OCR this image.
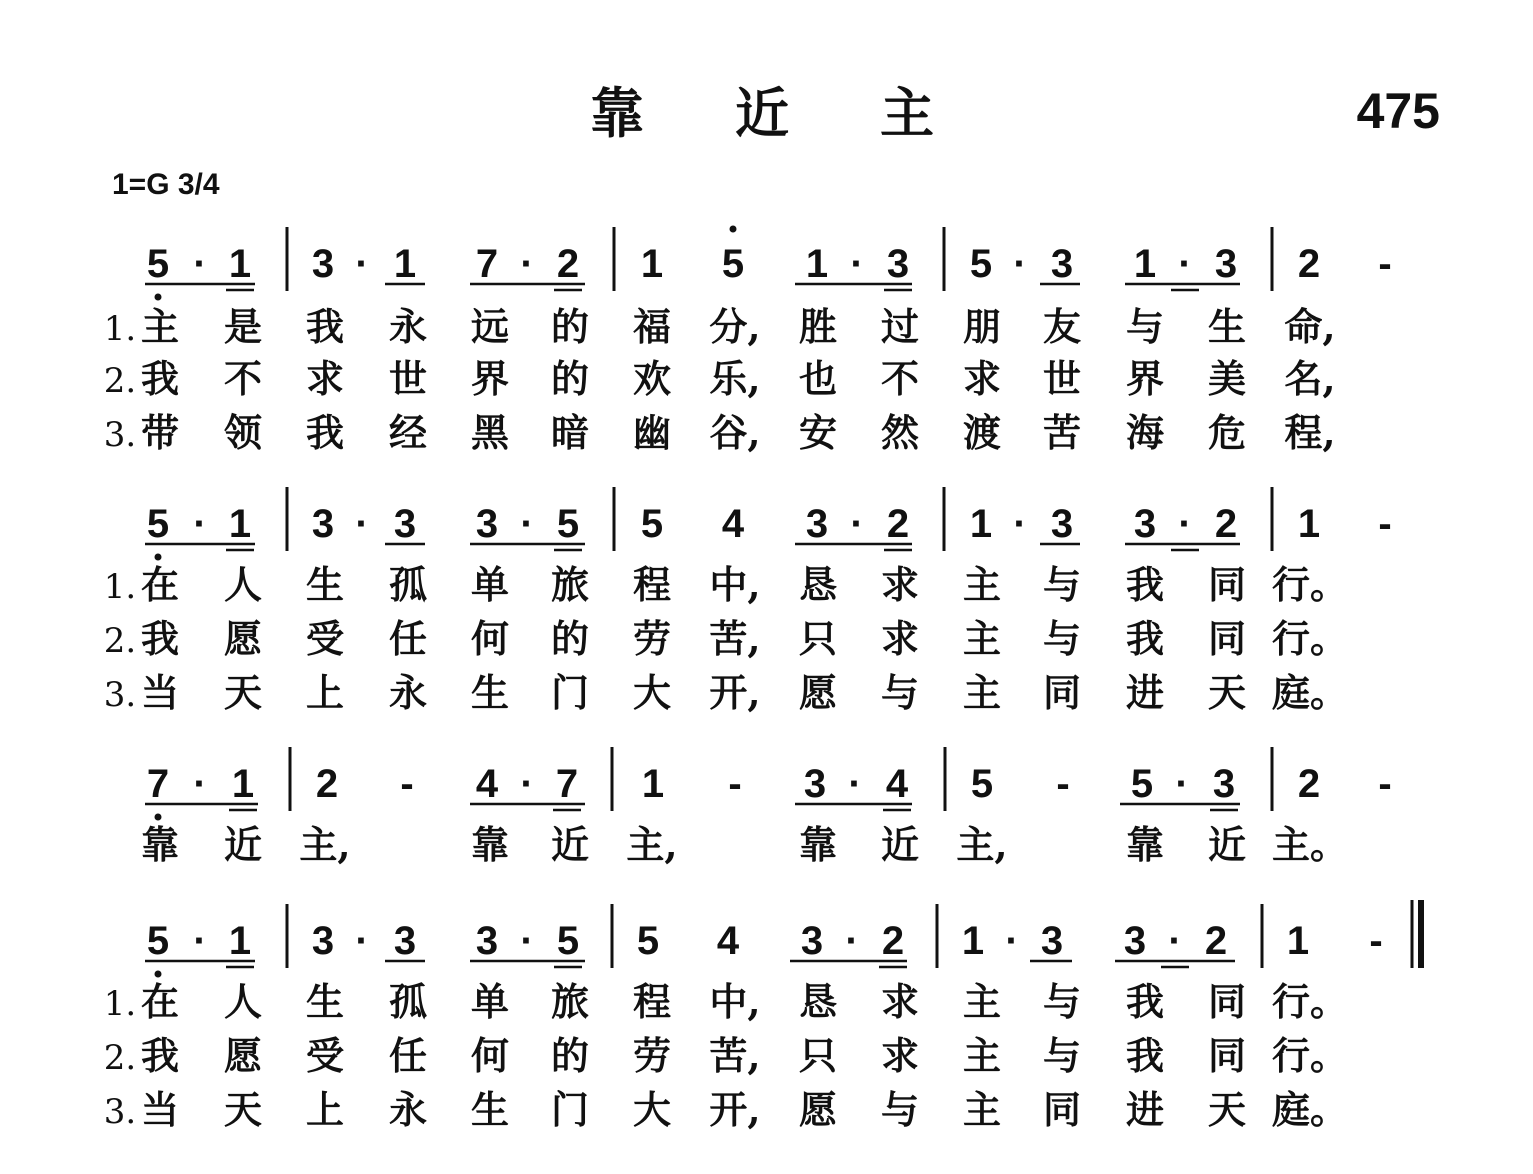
靠 近 主	475
1=G 3/4
5 · 1 3 · 1 7 · 2 1 5 1 · 3 5 · 3 1 · 3 2 -
1. 主 是 我 永 远 的 福 分, 胜 过 朋 友 与 生 命,
2. 我 不 求 世 界 的 欢 乐, 也 不 求 世 界 美 名,
3. 带 领 我 经 黑 暗 幽 谷, 安 然 渡 苦 海 危 程,
5 · 1 3 · 3 3 · 5 5 4 3 · 2 1 · 3 3 · 2 1 -
1. 在 人 生 孤 单 旅 程 中, 恳 求 主 与 我 同 行。
2. 我 愿 受 任 何 的 劳 苦, 只 求 主 与 我 同 行。
3. 当 天 上 永 生 门 大 开, 愿 与 主 同 进 天 庭。
7 · 1 2 - 4 · 7 1 - 3 · 4 5 - 5 · 3 2 -
靠 近 主,	靠 近 主,	靠 近 主,	靠 近 主。
5 · 1 3 · 3 3 · 5 5 4 3 · 2 1 · 3 3 · 2 1 -
1. 在 人 生 孤 单 旅 程 中, 恳 求 主 与 我 同 行。
2. 我 愿 受 任 何 的 劳 苦, 只 求 主 与 我 同 行。
3. 当 天 上 永 生 门 大 开, 愿 与 主 同 进 天 庭。
